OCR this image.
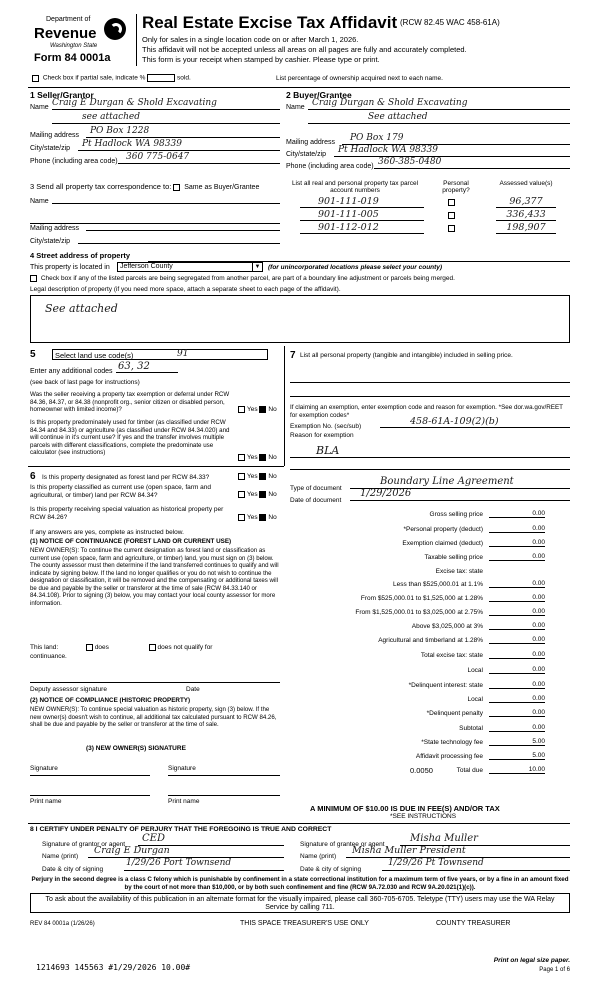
Department of
Revenue
Washington State
Form 84 0001a
Real Estate Excise Tax Affidavit (RCW 82.45 WAC 458-61A)
Only for sales in a single location code on or after March 1, 2026.
This affidavit will not be accepted unless all areas on all pages are fully and accurately completed.
This form is your receipt when stamped by cashier. Please type or print.
Check box if partial sale, indicate %	sold.	List percentage of ownership acquired next to each name.
1 Seller/Grantor
Name Craig E Durgan & Shold Excavating
see attached
Mailing address	PO Box 1228
City/state/zip	Pt Hadlock WA 98339
Phone (including area code) 360 775-0647
2 Buyer/Grantee
Name Craig Durgan & Shold Excavating
See attached
Mailing address	PO Box 179
City/state/zip	Pt Hadlock WA 98339
Phone (including area code) 360-385-0480
3 Send all property tax correspondence to: Same as Buyer/Grantee
Name
Mailing address
City/state/zip
List all real and personal property tax parcel account numbers
Personal property?
Assessed value(s)
901-111-019	96,377
901-111-005	336,433
901-112-012	198,907
4 Street address of property
This property is located in Jefferson County	▼ (for unincorporated locations please select your county)
Check box if any of the listed parcels are being segregated from another parcel, are part of a boundary line adjustment or parcels being merged.
Legal description of property (if you need more space, attach a separate sheet to each page of the affidavit).
See attached
5	Select land use code(s)	91
Enter any additional codes 63, 32
(see back of last page for instructions)
Was the seller receiving a property tax exemption or deferral under RCW 84.36, 84.37, or 84.38 (nonprofit org., senior citizen or disabled person, homeowner with limited income)?	Yes No
Is this property predominately used for timber (as classified under RCW 84.34 and 84.33) or agriculture (as classified under RCW 84.34.020) and will continue in it's current use? If yes and the transfer involves multiple parcels with different classifications, complete the predominate use calculator (see instructions)
Yes No
6 Is this property designated as forest land per RCW 84.33?	Yes No
Is this property classified as current use (open space, farm and agricultural, or timber) land per RCW 84.34?	Yes No
Is this property receiving special valuation as historical property per RCW 84.26?	Yes No
If any answers are yes, complete as instructed below.
(1) NOTICE OF CONTINUANCE (FOREST LAND OR CURRENT USE)
NEW OWNER(S): To continue the current designation as forest land or classification as current use (open space, farm and agriculture, or timber) land, you must sign on (3) below. The county assessor must then determine if the land transferred continues to qualify and will indicate by signing below. If the land no longer qualifies or you do not wish to continue the designation or classification, it will be removed and the compensating or additional taxes will be due and payable by the seller or transferor at the time of sale (RCW 84.33.140 or 84.34.108). Prior to signing (3) below, you may contact your local county assessor for more information.
This land:	does	does not qualify for
continuance.
Deputy assessor signature	Date
(2) NOTICE OF COMPLIANCE (HISTORIC PROPERTY)
NEW OWNER(S): To continue special valuation as historic property, sign (3) below. If the new owner(s) doesn't wish to continue, all additional tax calculated pursuant to RCW 84.26, shall be due and payable by the seller or transferor at the time of sale.
(3) NEW OWNER(S) SIGNATURE
Signature	Signature
Print name	Print name
7 List all personal property (tangible and intangible) included in selling price.
If claiming an exemption, enter exemption code and reason for exemption. *See dor.wa.gov/REET for exemption codes*
Exemption No. (sec/sub)	458-61A-109(2)(b)
Reason for exemption
BLA
Type of document
Boundary Line Agreement
Date of document
1/29/2026
Gross selling price	0.00
*Personal property (deduct)	0.00
Exemption claimed (deduct)	0.00
Taxable selling price	0.00
Excise tax: state
Less than $525,000.01 at 1.1%	0.00
From $525,000.01 to $1,525,000 at 1.28%	0.00
From $1,525,000.01 to $3,025,000 at 2.75%	0.00
Above $3,025,000 at 3%	0.00
Agricultural and timberland at 1.28%	0.00
Total excise tax: state	0.00
Local	0.00
*Delinquent interest: state	0.00
Local	0.00
*Delinquent penalty	0.00
Subtotal	0.00
*State technology fee	5.00
Affidavit processing fee	5.00
Total due	10.00
0.0050
A MINIMUM OF $10.00 IS DUE IN FEE(S) AND/OR TAX
*SEE INSTRUCTIONS
8 I CERTIFY UNDER PENALTY OF PERJURY THAT THE FOREGOING IS TRUE AND CORRECT
Signature of grantor or agent
CED
Name (print)
Craig E Durgan
Date & city of signing
1/29/26 Port Townsend
Signature of grantee or agent
Misha Muller
Name (print)
Misha Muller President
Date & city of signing
1/29/26 Pt Townsend
Perjury in the second degree is a class C felony which is punishable by confinement in a state correctional institution for a maximum term of five years, or by a fine in an amount fixed by the court of not more than $10,000, or by both such confinement and fine (RCW 9A.72.030 and RCW 9A.20.021(1)(c)).
To ask about the availability of this publication in an alternate format for the visually impaired, please call 360-705-6705. Teletype (TTY) users may use the WA Relay Service by calling 711.
REV 84 0001a (1/26/26)	THIS SPACE TREASURER'S USE ONLY	COUNTY TREASURER
1214693 145563 #1/29/2026 10.00#
Print on legal size paper.
Page 1 of 6
